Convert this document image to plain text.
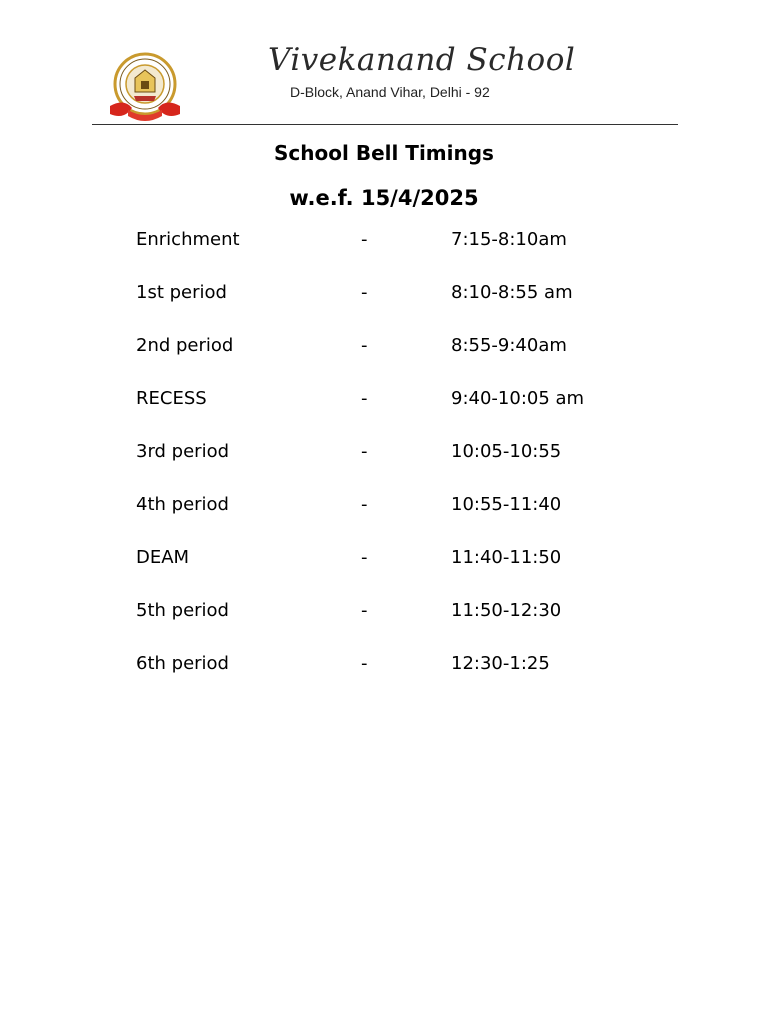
Vivekanand School
D-Block, Anand Vihar, Delhi - 92
School Bell Timings
w.e.f. 15/4/2025
Enrichment	-	7:15-8:10am
1st period	-	8:10-8:55 am
2nd period	-	8:55-9:40am
RECESS	-	9:40-10:05 am
3rd period	-	10:05-10:55
4th period	-	10:55-11:40
DEAM	-	11:40-11:50
5th period	-	11:50-12:30
6th period	-	12:30-1:25
